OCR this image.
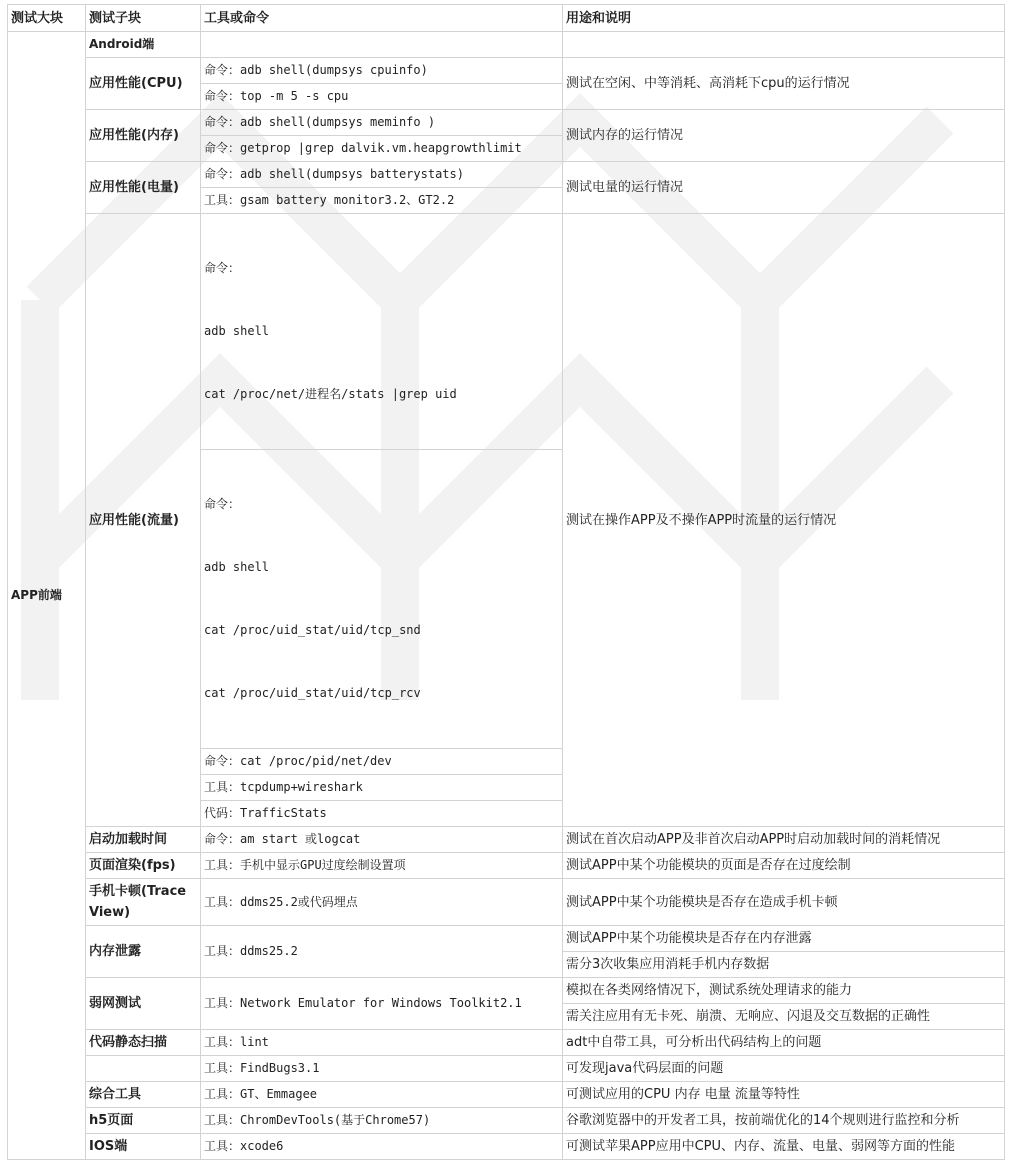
测试大块	测试子块	工具或命令	用途和说明
APP前端	Android端		
	应用性能(CPU)	命令：adb shell(dumpsys cpuinfo)	测试在空闲、中等消耗、高消耗下cpu的运行情况
		命令：top -m 5 -s cpu	
	应用性能(内存)	命令：adb shell(dumpsys meminfo )	测试内存的运行情况
		命令：getprop |grep dalvik.vm.heapgrowthlimit	
	应用性能(电量)	命令：adb shell(dumpsys batterystats)	测试电量的运行情况
		工具：gsam battery monitor3.2、GT2.2	
	应用性能(流量)	命令：

adb shell

cat /proc/net/进程名/stats |grep uid	测试在操作APP及不操作APP时流量的运行情况

		命令：

adb shell

cat /proc/uid_stat/uid/tcp_snd

cat /proc/uid_stat/uid/tcp_rcv	

		命令：cat /proc/pid/net/dev	
		工具：tcpdump+wireshark	
		代码：TrafficStats	
	启动加载时间	命令：am start 或logcat	测试在首次启动APP及非首次启动APP时启动加载时间的消耗情况
	页面渲染(fps)	工具：手机中显示GPU过度绘制设置项	测试APP中某个功能模块的页面是否存在过度绘制
	手机卡顿(Trace View)	工具：ddms25.2或代码埋点	测试APP中某个功能模块是否存在造成手机卡顿
	内存泄露	工具：ddms25.2	测试APP中某个功能模块是否存在内存泄露
			需分3次收集应用消耗手机内存数据
	弱网测试	工具：Network Emulator for Windows Toolkit2.1	模拟在各类网络情况下，测试系统处理请求的能力
			需关注应用有无卡死、崩溃、无响应、闪退及交互数据的正确性
	代码静态扫描	工具：lint	adt中自带工具，可分析出代码结构上的问题
		工具：FindBugs3.1	可发现java代码层面的问题
	综合工具	工具：GT、Emmagee	可测试应用的CPU 内存 电量 流量等特性
	h5页面	工具：ChromDevTools(基于Chrome57)	谷歌浏览器中的开发者工具，按前端优化的14个规则进行监控和分析
	IOS端	工具：xcode6	可测试苹果APP应用中CPU、内存、流量、电量、弱网等方面的性能
